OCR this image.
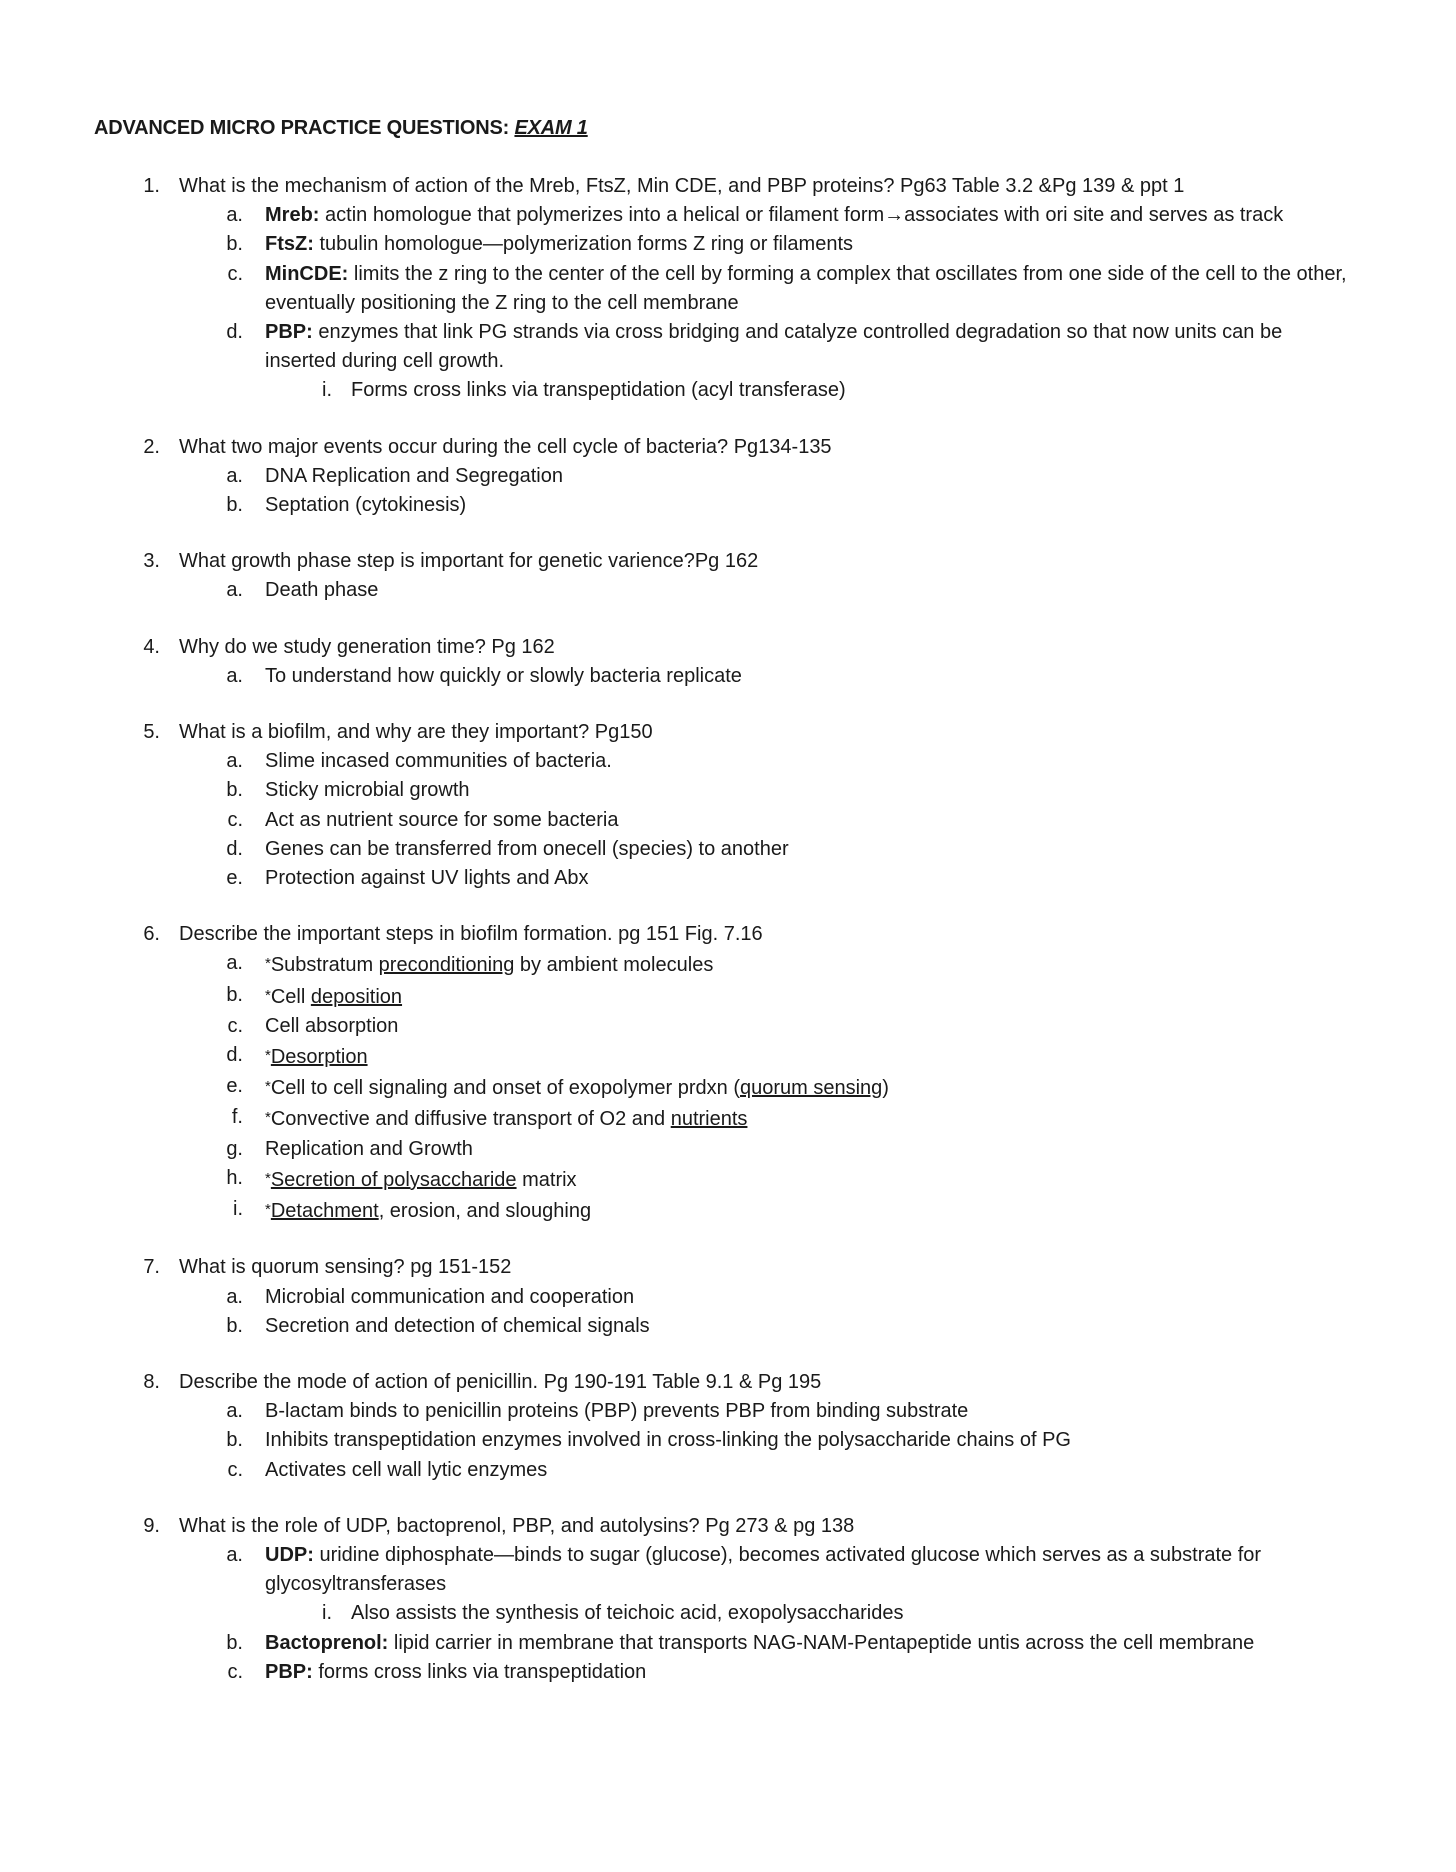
ADVANCED MICRO PRACTICE QUESTIONS: EXAM 1
1. What is the mechanism of action of the Mreb, FtsZ, Min CDE, and PBP proteins? Pg63 Table 3.2 &Pg 139 & ppt 1
a. Mreb: actin homologue that polymerizes into a helical or filament form→associates with ori site and serves as track
b. FtsZ: tubulin homologue—polymerization forms Z ring or filaments
c. MinCDE: limits the z ring to the center of the cell by forming a complex that oscillates from one side of the cell to the other, eventually positioning the Z ring to the cell membrane
d. PBP: enzymes that link PG strands via cross bridging and catalyze controlled degradation so that now units can be inserted during cell growth.
i. Forms cross links via transpeptidation (acyl transferase)
2. What two major events occur during the cell cycle of bacteria? Pg134-135
a. DNA Replication and Segregation
b. Septation (cytokinesis)
3. What growth phase step is important for genetic varience?Pg 162
a. Death phase
4. Why do we study generation time? Pg 162
a. To understand how quickly or slowly bacteria replicate
5. What is a biofilm, and why are they important? Pg150
a. Slime incased communities of bacteria.
b. Sticky microbial growth
c. Act as nutrient source for some bacteria
d. Genes can be transferred from onecell (species) to another
e. Protection against UV lights and Abx
6. Describe the important steps in biofilm formation. pg 151 Fig. 7.16
a. *Substratum preconditioning by ambient molecules
b. *Cell deposition
c. Cell absorption
d. *Desorption
e. *Cell to cell signaling and onset of exopolymer prdxn (quorum sensing)
f. *Convective and diffusive transport of O2 and nutrients
g. Replication and Growth
h. *Secretion of polysaccharide matrix
i. *Detachment, erosion, and sloughing
7. What is quorum sensing? pg 151-152
a. Microbial communication and cooperation
b. Secretion and detection of chemical signals
8. Describe the mode of action of penicillin. Pg 190-191 Table 9.1 & Pg 195
a. B-lactam binds to penicillin proteins (PBP) prevents PBP from binding substrate
b. Inhibits transpeptidation enzymes involved in cross-linking the polysaccharide chains of PG
c. Activates cell wall lytic enzymes
9. What is the role of UDP, bactoprenol, PBP, and autolysins? Pg 273 & pg 138
a. UDP: uridine diphosphate—binds to sugar (glucose), becomes activated glucose which serves as a substrate for glycosyltransferases
i. Also assists the synthesis of teichoic acid, exopolysaccharides
b. Bactoprenol: lipid carrier in membrane that transports NAG-NAM-Pentapeptide untis across the cell membrane
c. PBP: forms cross links via transpeptidation
